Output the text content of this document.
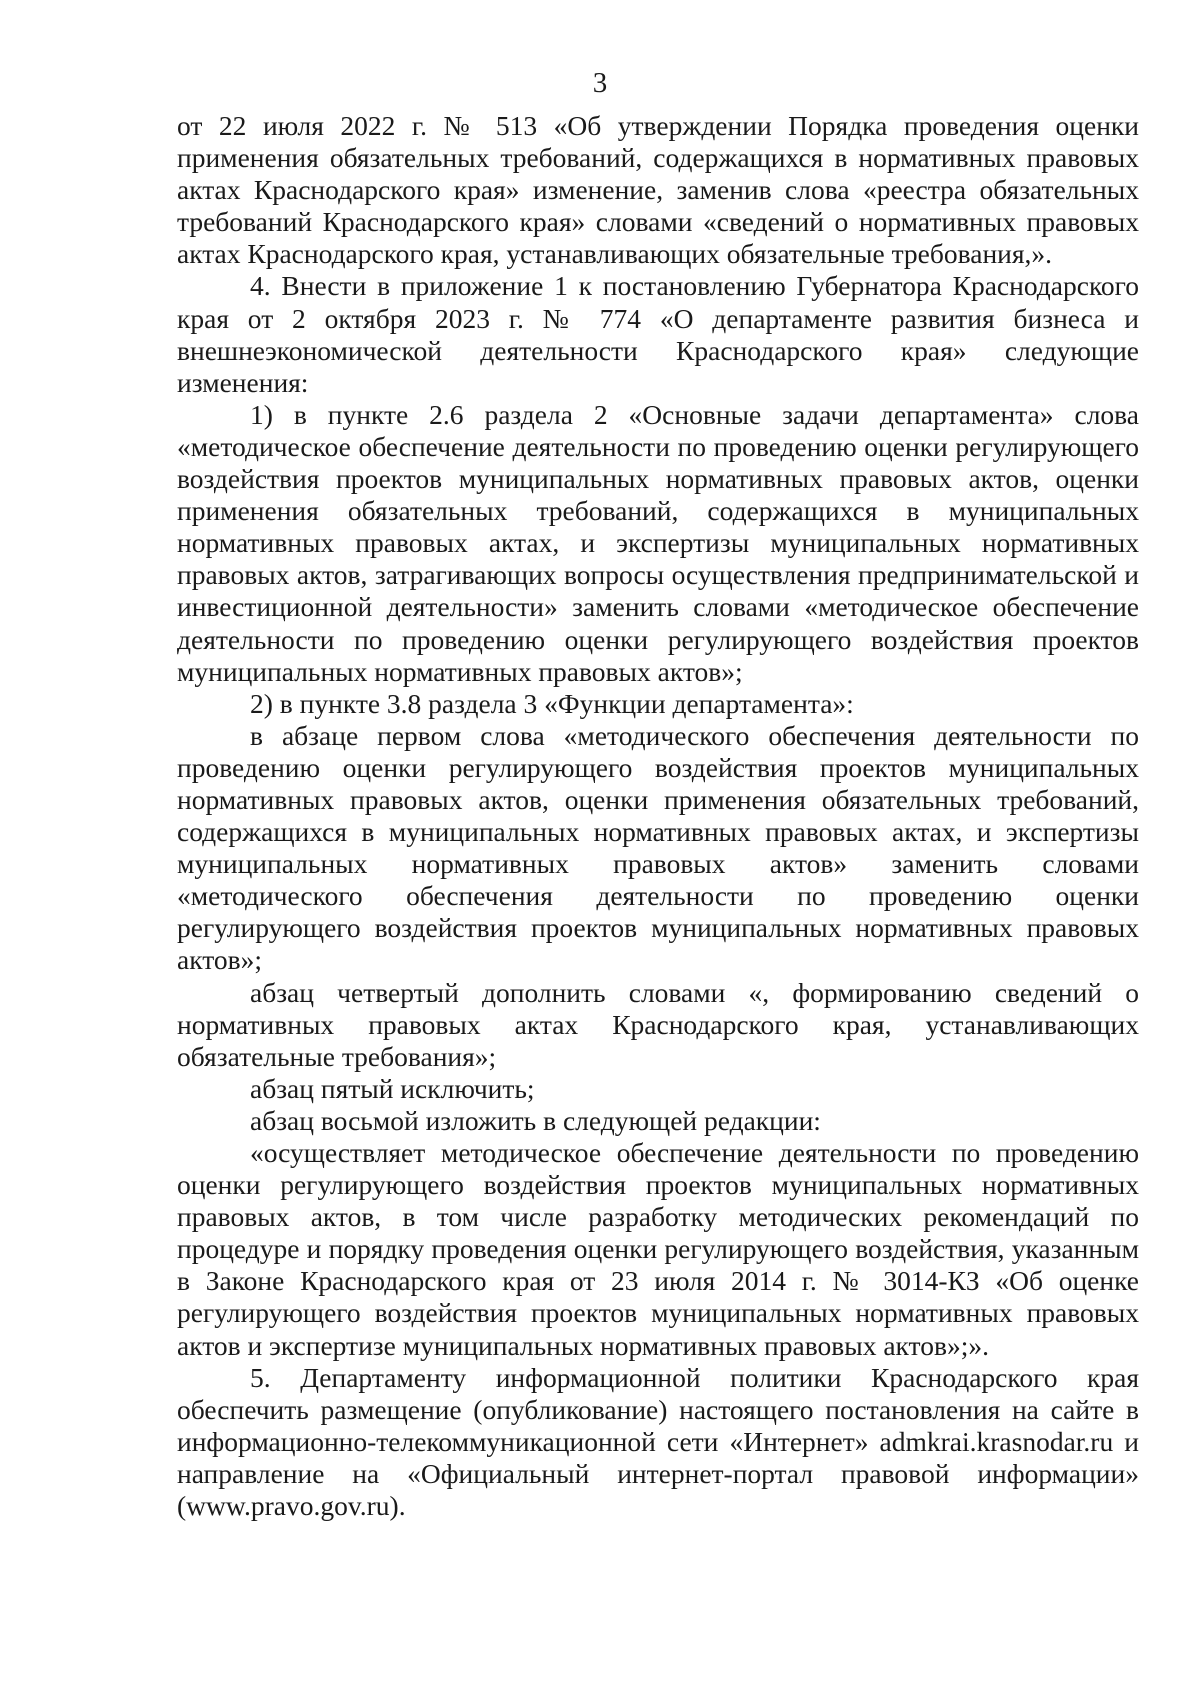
3

от 22 июля 2022 г. № 513 «Об утверждении Порядка проведения оценки применения обязательных требований, содержащихся в нормативных правовых актах Краснодарского края» изменение, заменив слова «реестра обязательных требований Краснодарского края» словами «сведений о нормативных правовых актах Краснодарского края, устанавливающих обязательные требования,».

4. Внести в приложение 1 к постановлению Губернатора Краснодарского края от 2 октября 2023 г. № 774 «О департаменте развития бизнеса и внешнеэкономической деятельности Краснодарского края» следующие изменения:

1) в пункте 2.6 раздела 2 «Основные задачи департамента» слова «методическое обеспечение деятельности по проведению оценки регулирующего воздействия проектов муниципальных нормативных правовых актов, оценки применения обязательных требований, содержащихся в муниципальных нормативных правовых актах, и экспертизы муниципальных нормативных правовых актов, затрагивающих вопросы осуществления предпринимательской и инвестиционной деятельности» заменить словами «методическое обеспечение деятельности по проведению оценки регулирующего воздействия проектов муниципальных нормативных правовых актов»;

2) в пункте 3.8 раздела 3 «Функции департамента»:

в абзаце первом слова «методического обеспечения деятельности по проведению оценки регулирующего воздействия проектов муниципальных нормативных правовых актов, оценки применения обязательных требований, содержащихся в муниципальных нормативных правовых актах, и экспертизы муниципальных нормативных правовых актов» заменить словами «методического обеспечения деятельности по проведению оценки регулирующего воздействия проектов муниципальных нормативных правовых актов»;

абзац четвертый дополнить словами «, формированию сведений о нормативных правовых актах Краснодарского края, устанавливающих обязательные требования»;

абзац пятый исключить;

абзац восьмой изложить в следующей редакции:

«осуществляет методическое обеспечение деятельности по проведению оценки регулирующего воздействия проектов муниципальных нормативных правовых актов, в том числе разработку методических рекомендаций по процедуре и порядку проведения оценки регулирующего воздействия, указанным в Законе Краснодарского края от 23 июля 2014 г. № 3014-КЗ «Об оценке регулирующего воздействия проектов муниципальных нормативных правовых актов и экспертизе муниципальных нормативных правовых актов»;».

5. Департаменту информационной политики Краснодарского края обеспечить размещение (опубликование) настоящего постановления на сайте в информационно-телекоммуникационной сети «Интернет» admkrai.krasnodar.ru и направление на «Официальный интернет-портал правовой информации» (www.pravo.gov.ru).
